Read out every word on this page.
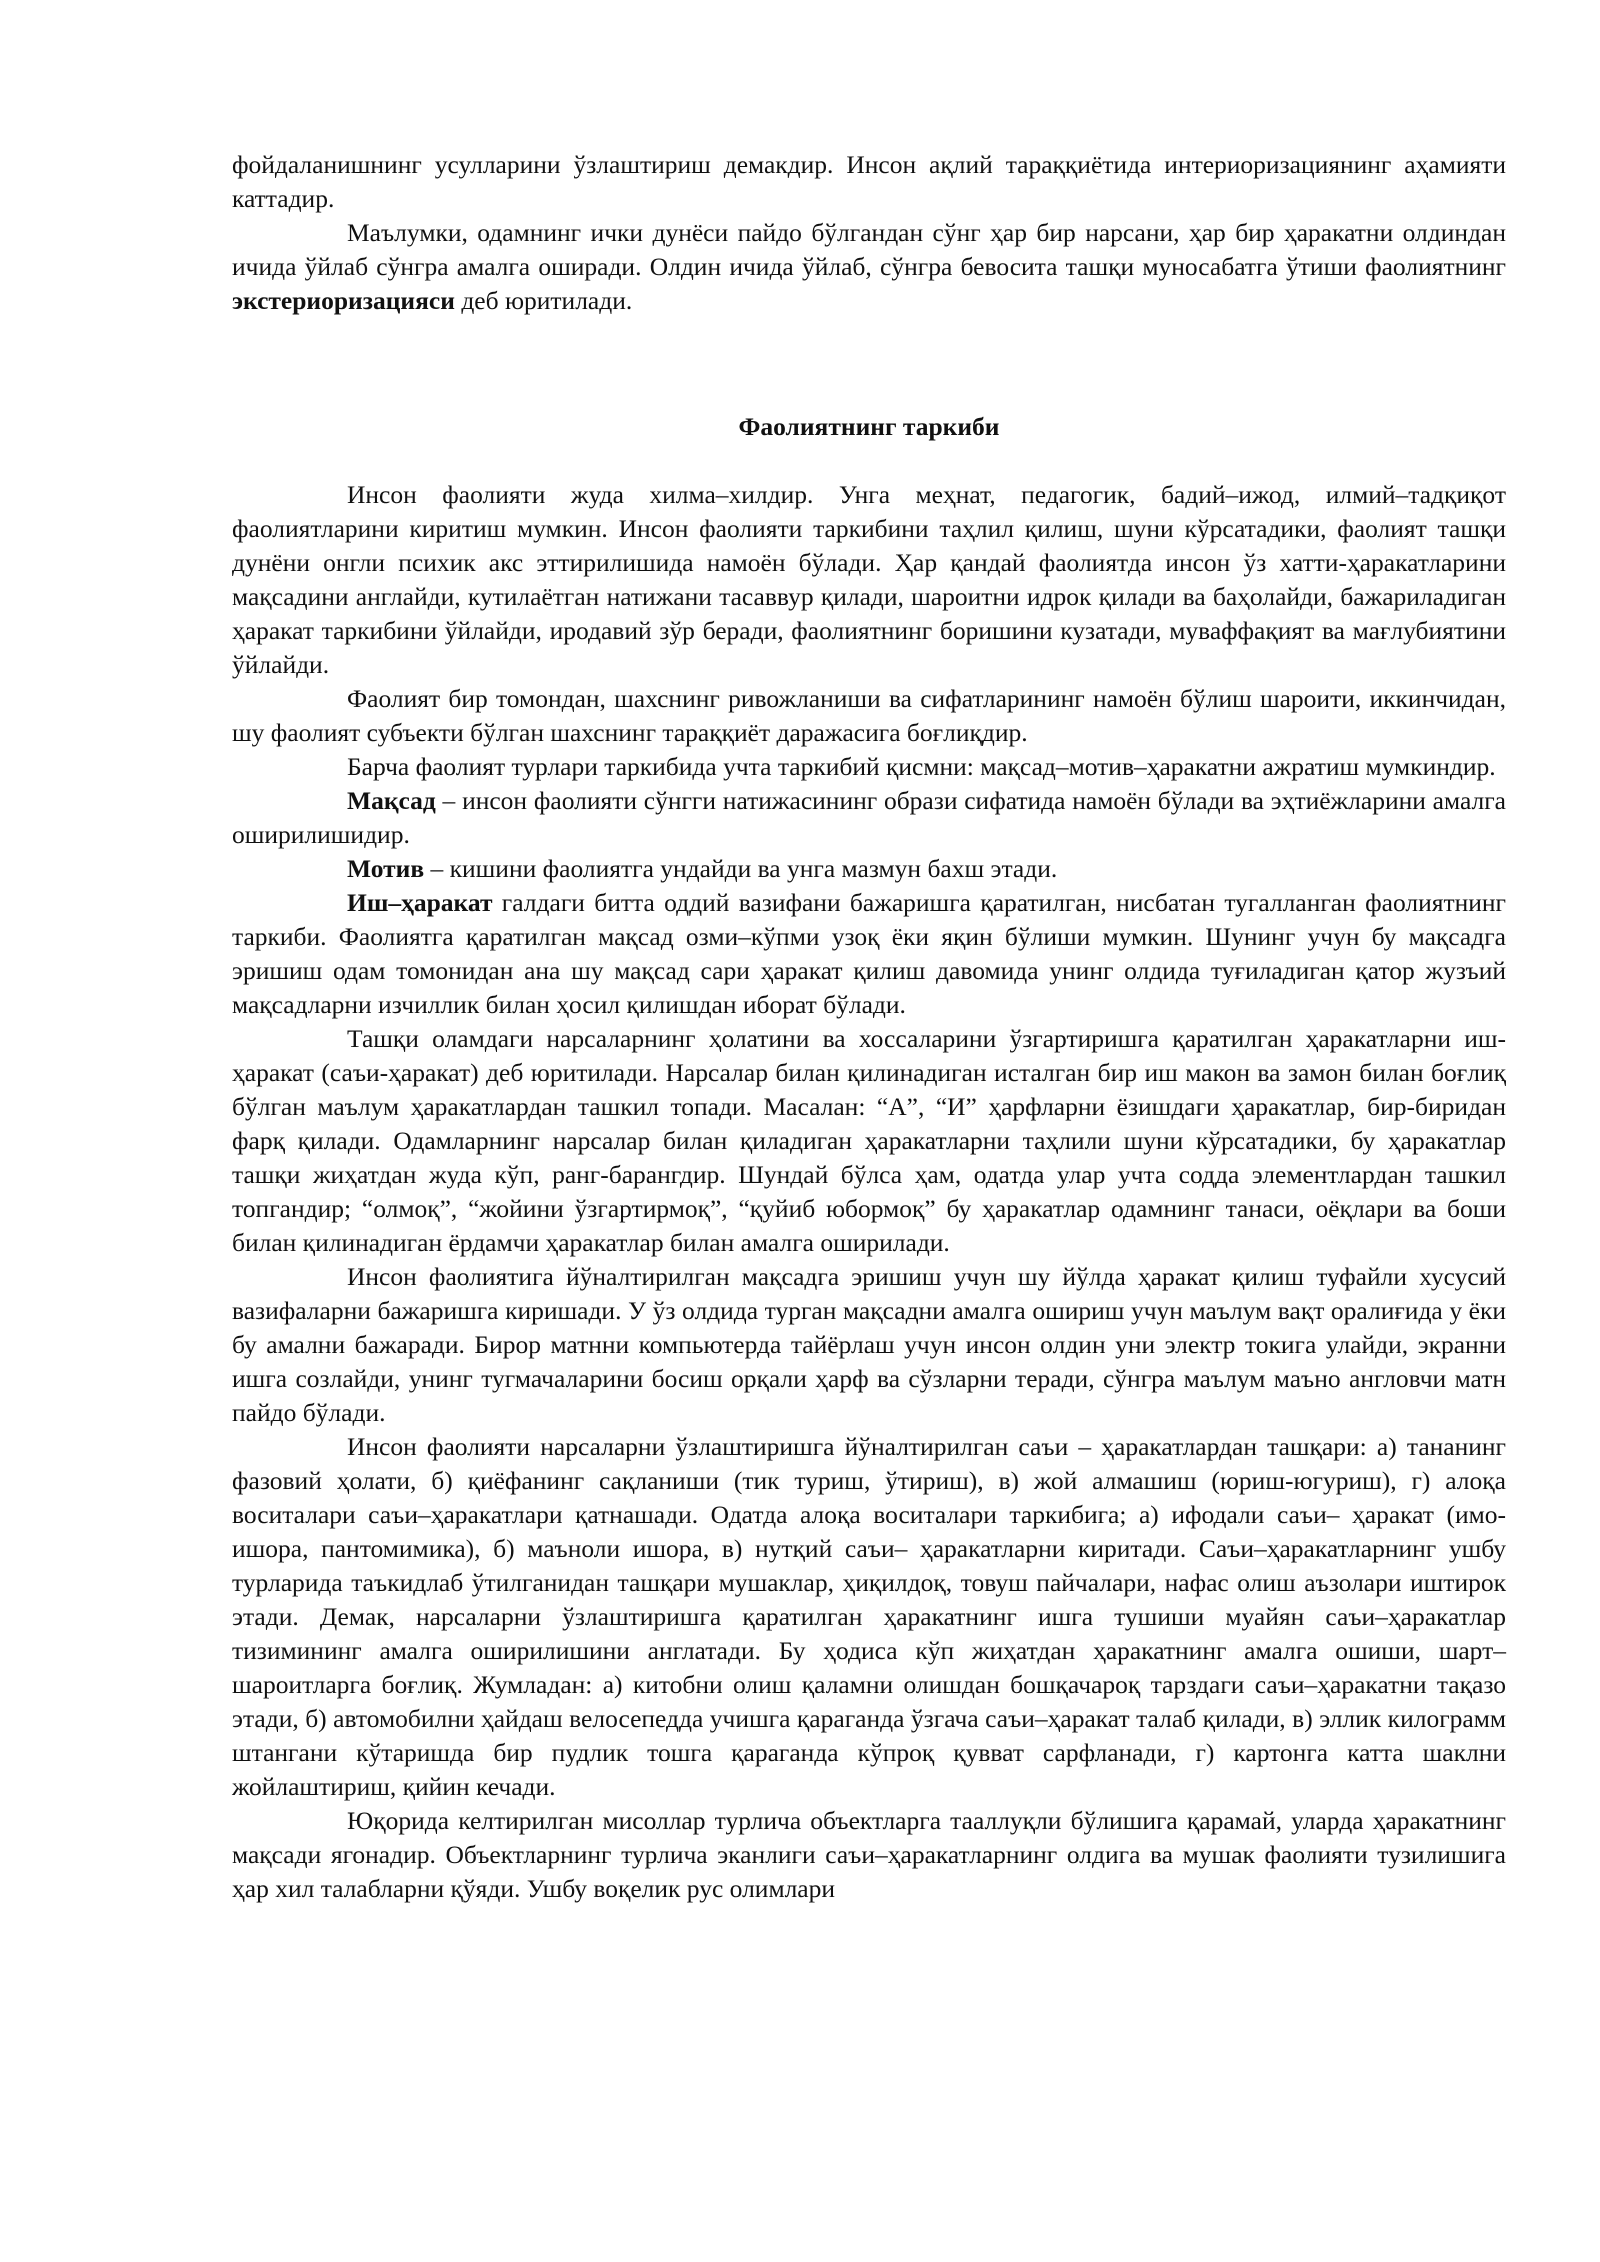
фойдаланишнинг усулларини ўзлаштириш демакдир. Инсон ақлий тараққиётида интериоризациянинг аҳамияти каттадир.

Маълумки, одамнинг ички дунёси пайдо бўлгандан сўнг ҳар бир нарсани, ҳар бир ҳаракатни олдиндан ичида ўйлаб сўнгра амалга оширади. Олдин ичида ўйлаб, сўнгра бевосита ташқи муносабатга ўтиши фаолиятнинг экстериоризацияси деб юритилади.

Фаолиятнинг таркиби

Инсон фаолияти жуда хилма–хилдир. Унга меҳнат, педагогик, бадий–ижод, илмий–тадқиқот фаолиятларини киритиш мумкин. Инсон фаолияти таркибини таҳлил қилиш, шуни кўрсатадики, фаолият ташқи дунёни онгли психик акс эттирилишида намоён бўлади. Ҳар қандай фаолиятда инсон ўз хатти-ҳаракатларини мақсадини англайди, кутилаётган натижани тасаввур қилади, шароитни идрок қилади ва баҳолайди, бажариладиган ҳаракат таркибини ўйлайди, иродавий зўр беради, фаолиятнинг боришини кузатади, муваффақият ва мағлубиятини ўйлайди.

Фаолият бир томондан, шахснинг ривожланиши ва сифатларининг намоён бўлиш шароити, иккинчидан, шу фаолият субъекти бўлган шахснинг тараққиёт даражасига боғлиқдир.

Барча фаолият турлари таркибида учта таркибий қисмни: мақсад–мотив–ҳаракатни ажратиш мумкиндир.

Мақсад – инсон фаолияти сўнгги натижасининг образи сифатида намоён бўлади ва эҳтиёжларини амалга оширилишидир.

Мотив – кишини фаолиятга ундайди ва унга мазмун бахш этади.

Иш–ҳаракат галдаги битта оддий вазифани бажаришга қаратилган, нисбатан тугалланган фаолиятнинг таркиби. Фаолиятга қаратилган мақсад озми–кўпми узоқ ёки яқин бўлиши мумкин. Шунинг учун бу мақсадга эришиш одам томонидан ана шу мақсад сари ҳаракат қилиш давомида унинг олдида туғиладиган қатор жузъий мақсадларни изчиллик билан ҳосил қилишдан иборат бўлади.

Ташқи оламдаги нарсаларнинг ҳолатини ва хоссаларини ўзгартиришга қаратилган ҳаракатларни иш-ҳаракат (саъи-ҳаракат) деб юритилади. Нарсалар билан қилинадиган исталган бир иш макон ва замон билан боғлиқ бўлган маълум ҳаракатлардан ташкил топади. Масалан: “А”, “И” ҳарфларни ёзишдаги ҳаракатлар, бир-биридан фарқ қилади. Одамларнинг нарсалар билан қиладиган ҳаракатларни таҳлили шуни кўрсатадики, бу ҳаракатлар ташқи жиҳатдан жуда кўп, ранг-барангдир. Шундай бўлса ҳам, одатда улар учта содда элементлардан ташкил топгандир; “олмоқ”, “жойини ўзгартирмоқ”, “қуйиб юбормоқ” бу ҳаракатлар одамнинг танаси, оёқлари ва боши билан қилинадиган ёрдамчи ҳаракатлар билан амалга оширилади.

Инсон фаолиятига йўналтирилган мақсадга эришиш учун шу йўлда ҳаракат қилиш туфайли хусусий вазифаларни бажаришга киришади. У ўз олдида турган мақсадни амалга ошириш учун маълум вақт оралиғида у ёки бу амални бажаради. Бирор матнни компьютерда тайёрлаш учун инсон олдин уни электр токига улайди, экранни ишга созлайди, унинг тугмачаларини босиш орқали ҳарф ва сўзларни теради, сўнгра маълум маъно англовчи матн пайдо бўлади.

Инсон фаолияти нарсаларни ўзлаштиришга йўналтирилган саъи – ҳаракатлардан ташқари: а) тананинг фазовий ҳолати, б) қиёфанинг сақланиши (тик туриш, ўтириш), в) жой алмашиш (юриш-югуриш), г) алоқа воситалари саъи–ҳаракатлари қатнашади. Одатда алоқа воситалари таркибига; а) ифодали саъи– ҳаракат (имо-ишора, пантомимика), б) маъноли ишора, в) нутқий саъи– ҳаракатларни киритади. Саъи–ҳаракатларнинг ушбу турларида таъкидлаб ўтилганидан ташқари мушаклар, ҳиқилдоқ, товуш пайчалари, нафас олиш аъзолари иштирок этади. Демак, нарсаларни ўзлаштиришга қаратилган ҳаракатнинг ишга тушиши муайян саъи–ҳаракатлар тизимининг амалга оширилишини англатади. Бу ҳодиса кўп жиҳатдан ҳаракатнинг амалга ошиши, шарт–шароитларга боғлиқ. Жумладан: а) китобни олиш қаламни олишдан бошқачароқ тарздаги саъи–ҳаракатни тақазо этади, б) автомобилни ҳайдаш велосепедда учишга қараганда ўзгача саъи–ҳаракат талаб қилади, в) эллик килограмм штангани кўтаришда бир пудлик тошга қараганда кўпроқ қувват сарфланади, г) картонга катта шаклни жойлаштириш, қийин кечади.

Юқорида келтирилган мисоллар турлича объектларга тааллуқли бўлишига қарамай, уларда ҳаракатнинг мақсади ягонадир. Объектларнинг турлича эканлиги саъи–ҳаракатларнинг олдига ва мушак фаолияти тузилишига ҳар хил талабларни қўяди. Ушбу воқелик рус олимлари
